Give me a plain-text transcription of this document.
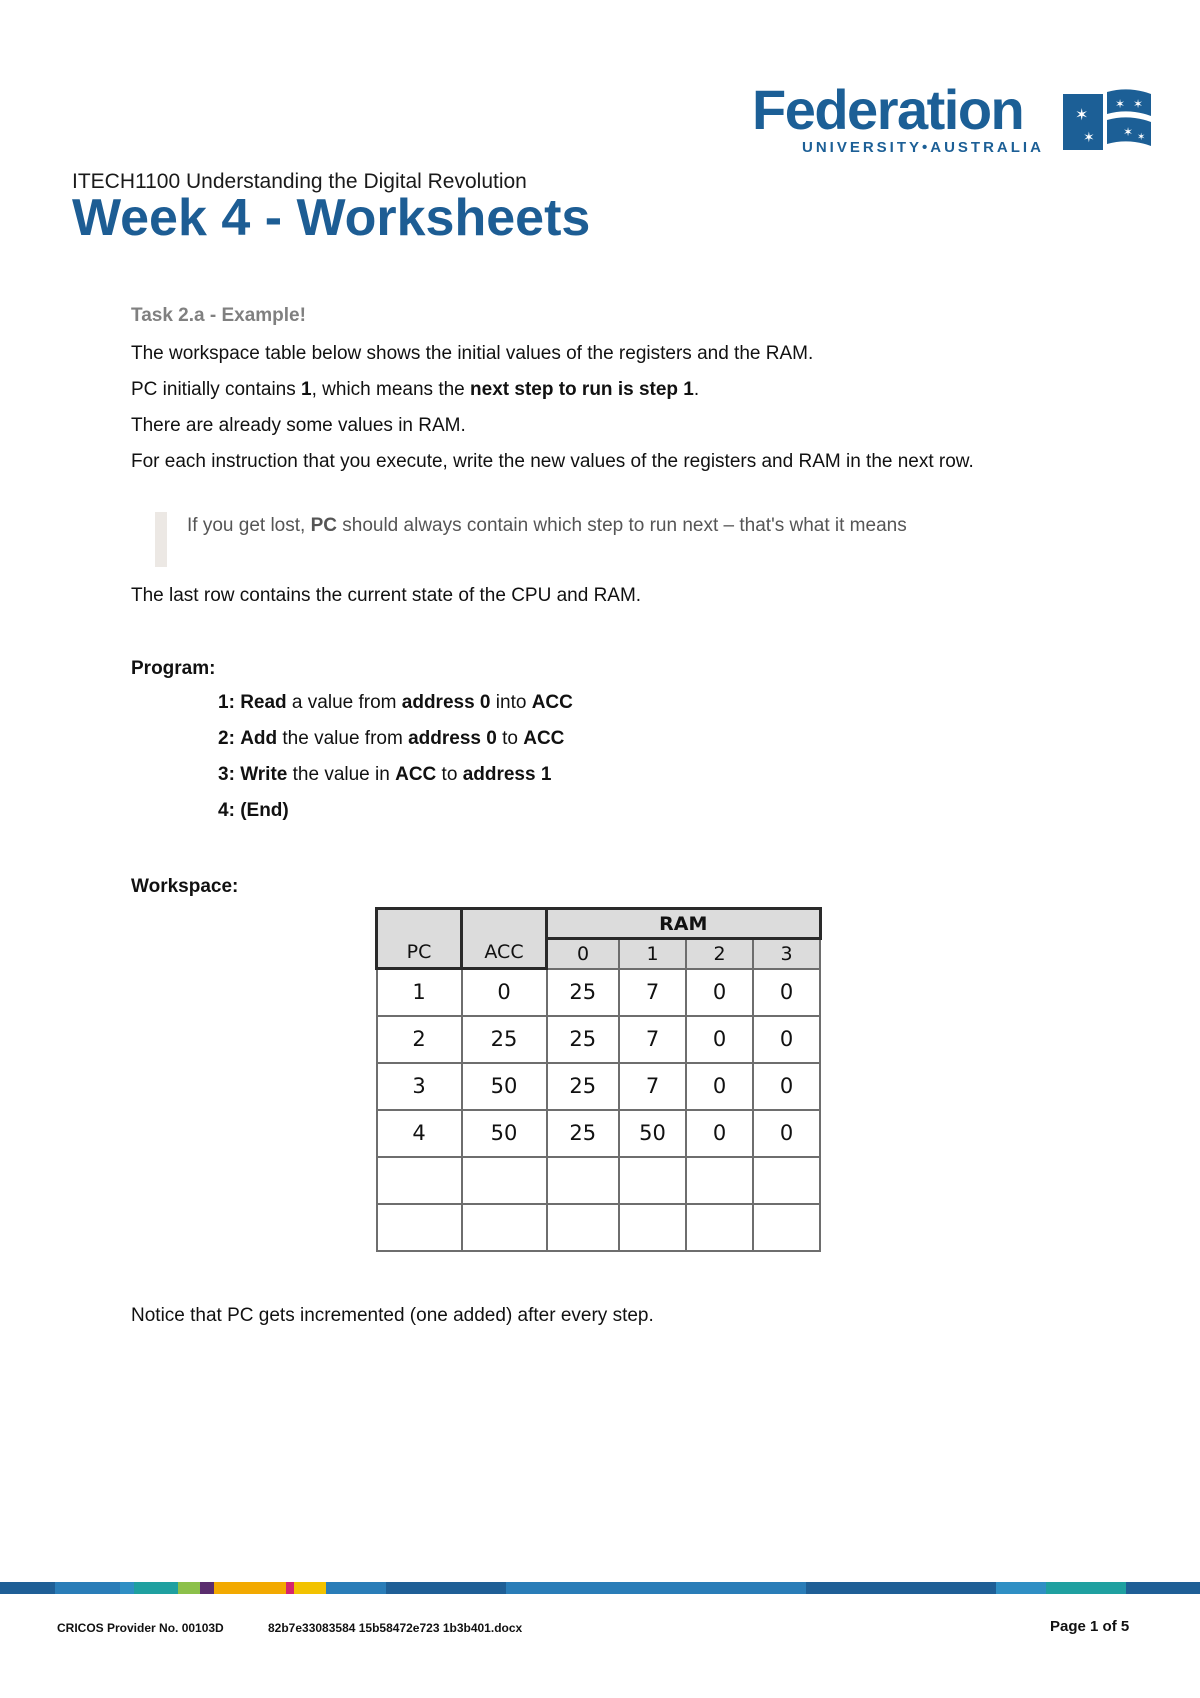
Federation
UNIVERSITY•AUSTRALIA
✶
✶
✶ ✶
✶ ✶
ITECH1100 Understanding the Digital Revolution
Week 4 - Worksheets
Task 2.a - Example!
The workspace table below shows the initial values of the registers and the RAM.
PC initially contains 1, which means the next step to run is step 1.
There are already some values in RAM.
For each instruction that you execute, write the new values of the registers and RAM in the next row.
If you get lost, PC should always contain which step to run next – that's what it means
The last row contains the current state of the CPU and RAM.
Program:
1: Read a value from address 0 into ACC
2: Add the value from address 0 to ACC
3: Write the value in ACC to address 1
4: (End)
Workspace:
PC	ACC	RAM			
		0	1	2	3
1	0	25	7	0	0
2	25	25	7	0	0
3	50	25	7	0	0
4	50	25	50	0	0

Notice that PC gets incremented (one added) after every step.
CRICOS Provider No. 00103D	82b7e33083584 15b58472e723 1b3b401.docx	Page 1 of 5
